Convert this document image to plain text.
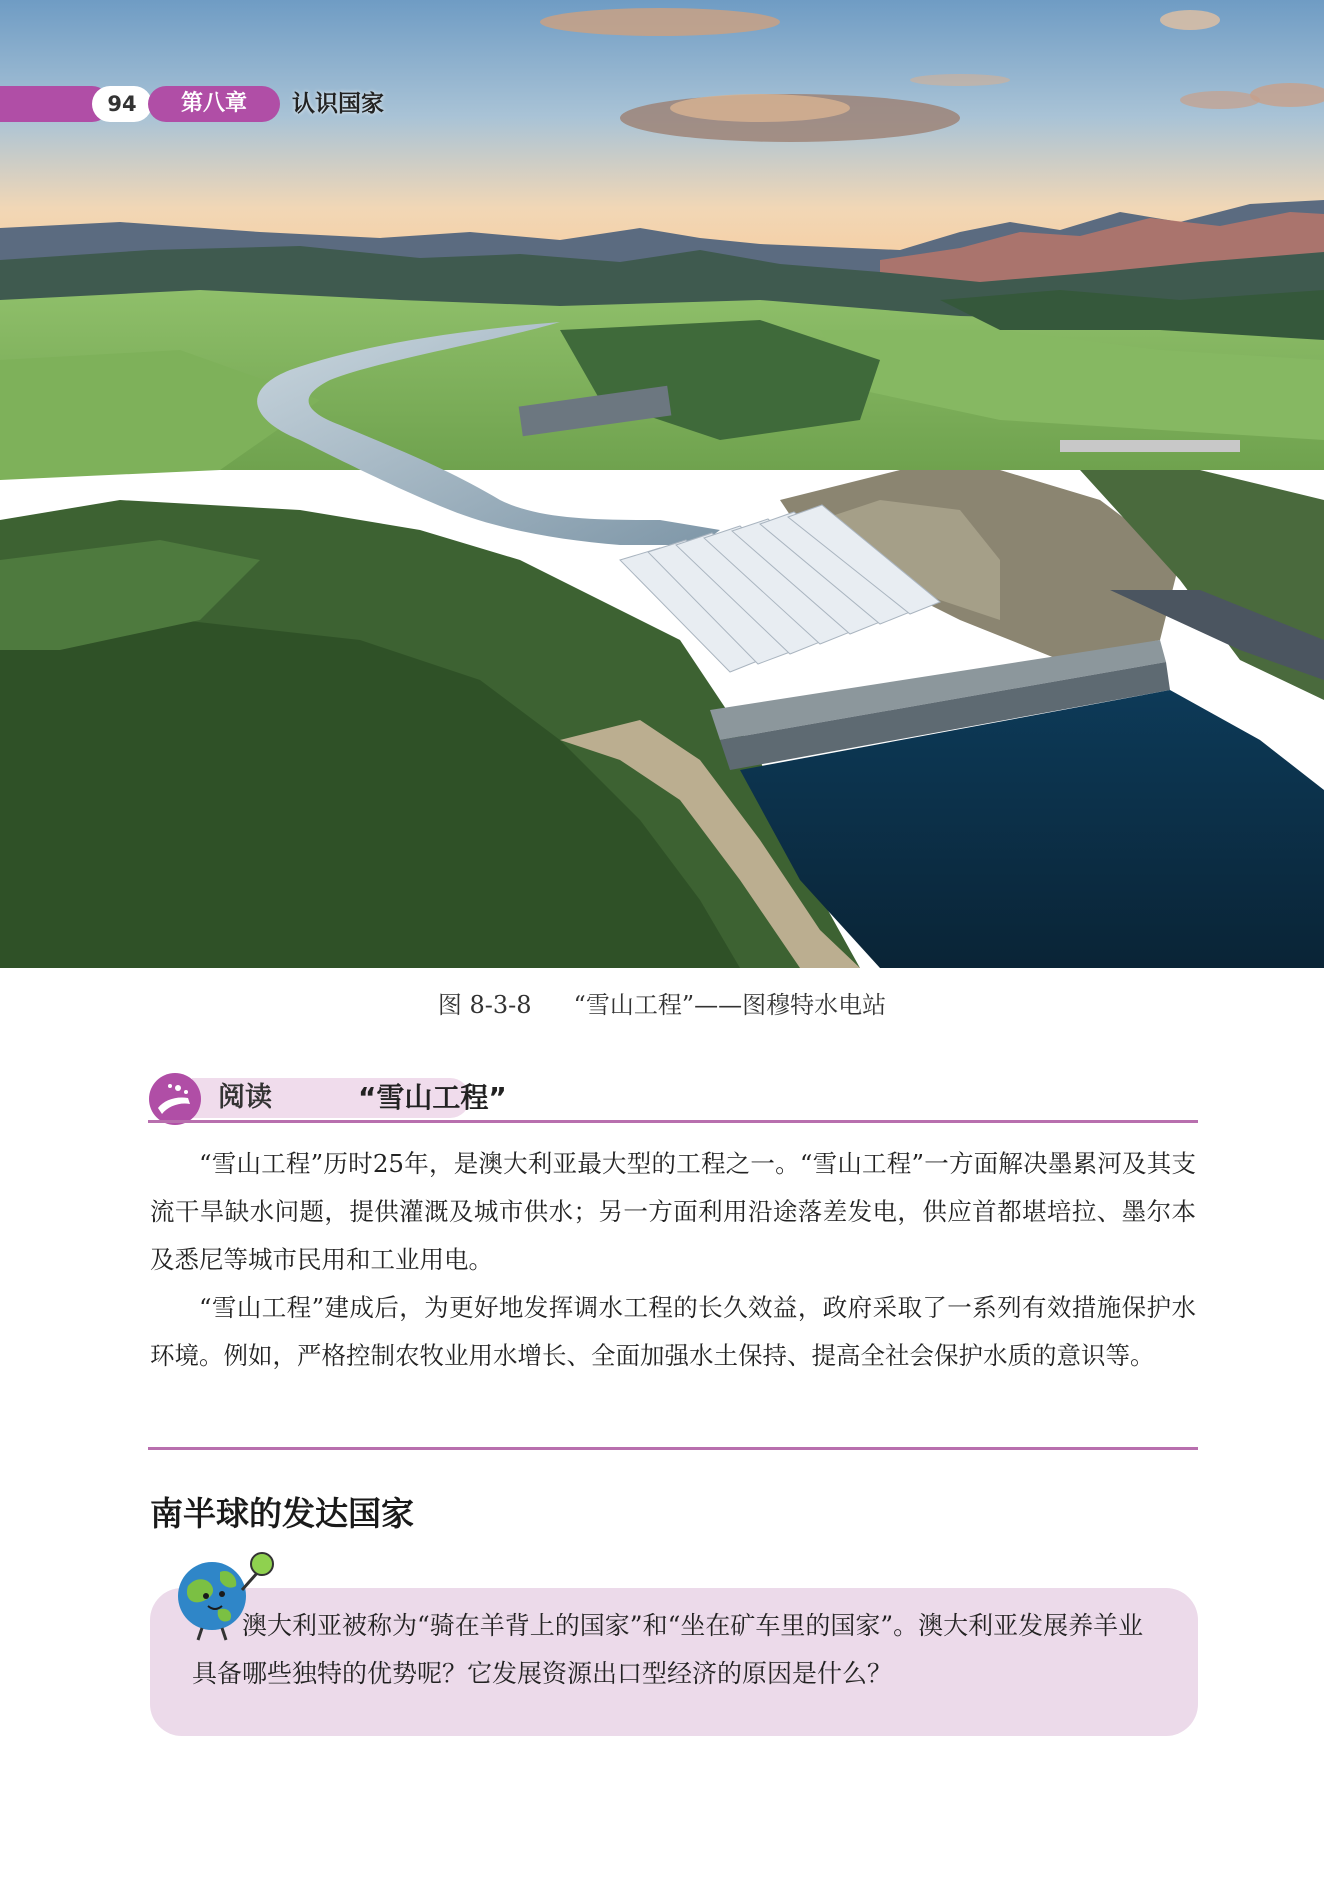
94	第八章	认识国家
图 8-3-8 “雪山工程”——图穆特水电站
阅读	“雪山工程”

“雪山工程”历时25年，是澳大利亚最大型的工程之一。“雪山工程”一方面解决墨累河及其支流干旱缺水问题，提供灌溉及城市供水；另一方面利用沿途落差发电，供应首都堪培拉、墨尔本及悉尼等城市民用和工业用电。

“雪山工程”建成后，为更好地发挥调水工程的长久效益，政府采取了一系列有效措施保护水环境。例如，严格控制农牧业用水增长、全面加强水土保持、提高全社会保护水质的意识等。

南半球的发达国家

澳大利亚被称为“骑在羊背上的国家”和“坐在矿车里的国家”。澳大利亚发展养羊业具备哪些独特的优势呢？它发展资源出口型经济的原因是什么？
